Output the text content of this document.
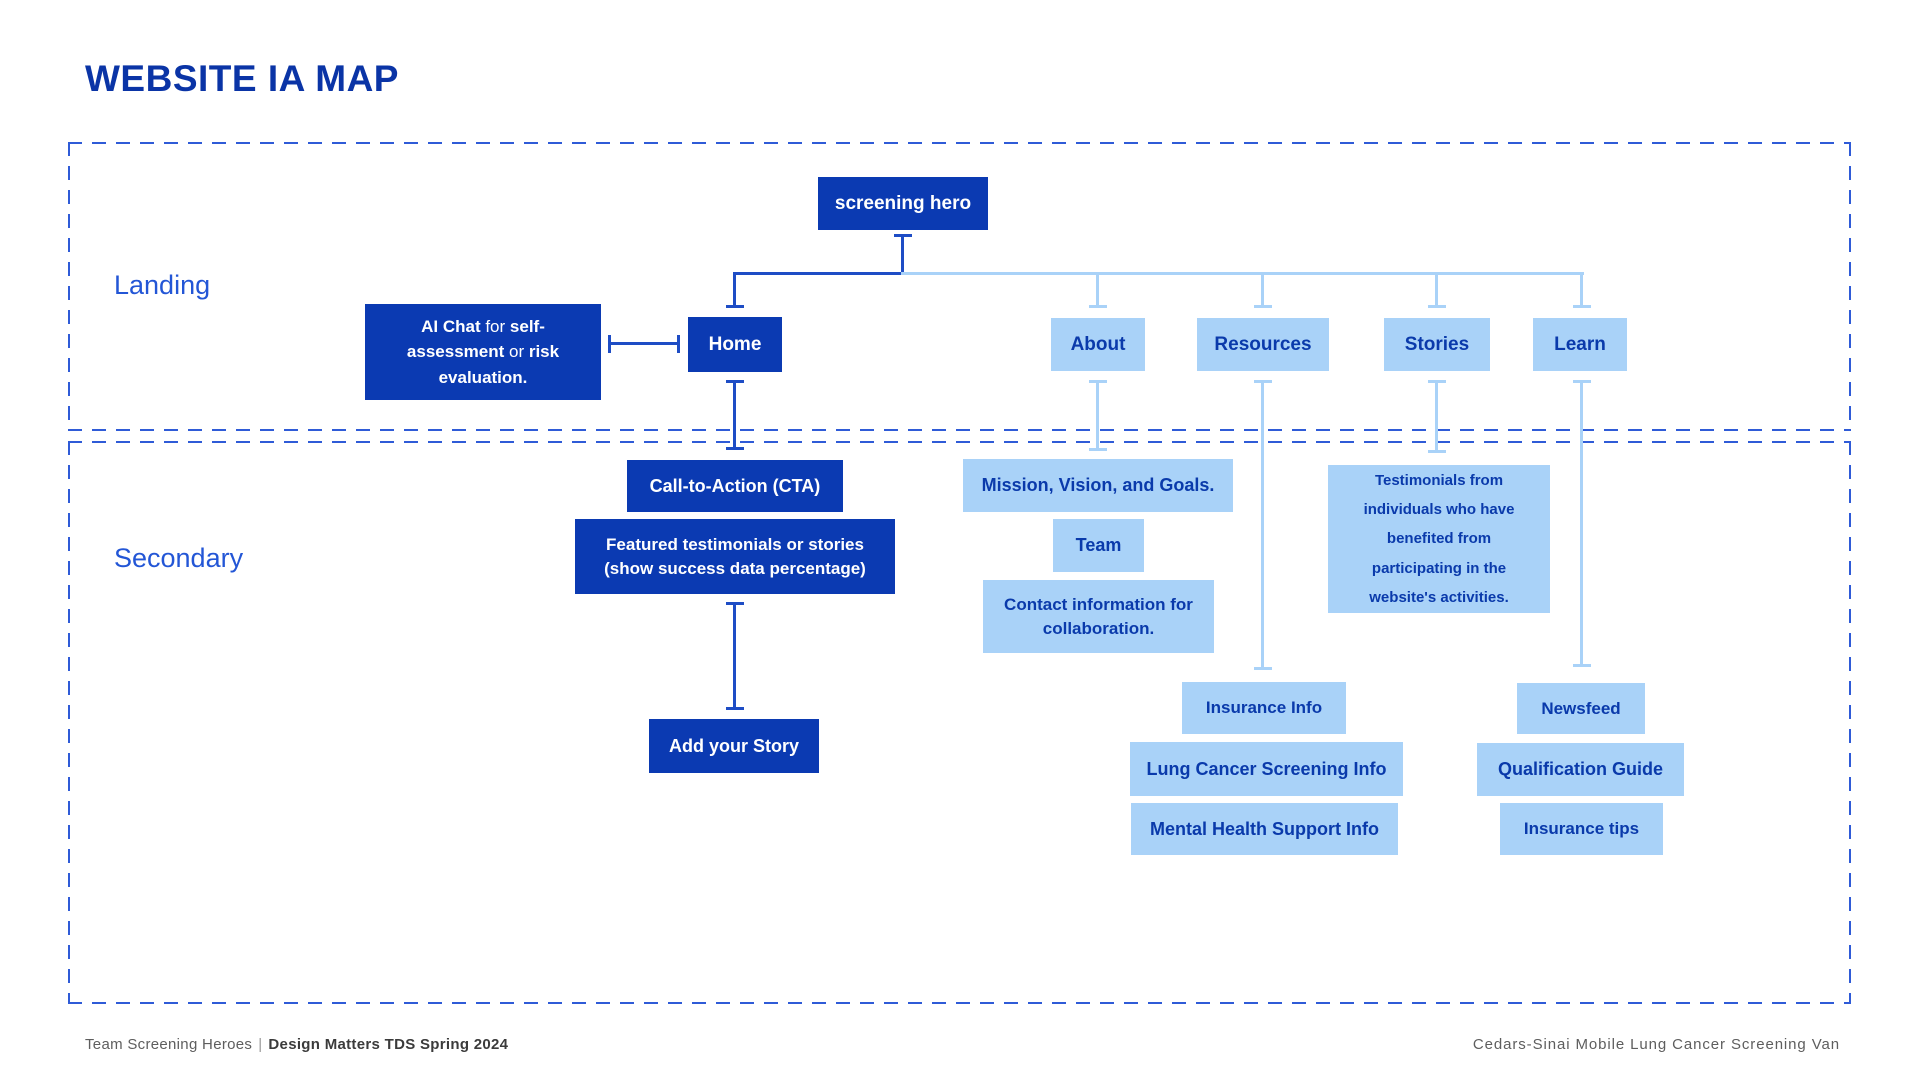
WEBSITE IA MAP
Landing
Secondary
screening hero
AI Chat for self-assessment or risk evaluation.
Home	About	Resources	Stories	Learn
Call-to-Action (CTA)
Featured testimonials or stories (show success data percentage)
Add your Story
Mission, Vision, and Goals.
Team
Contact information for collaboration.
Testimonials from individuals who have benefited from participating in the website's activities.
Insurance Info
Lung Cancer Screening Info
Mental Health Support Info
Newsfeed
Qualification Guide
Insurance tips
Team Screening Heroes | Design Matters TDS Spring 2024	Cedars-Sinai Mobile Lung Cancer Screening Van
